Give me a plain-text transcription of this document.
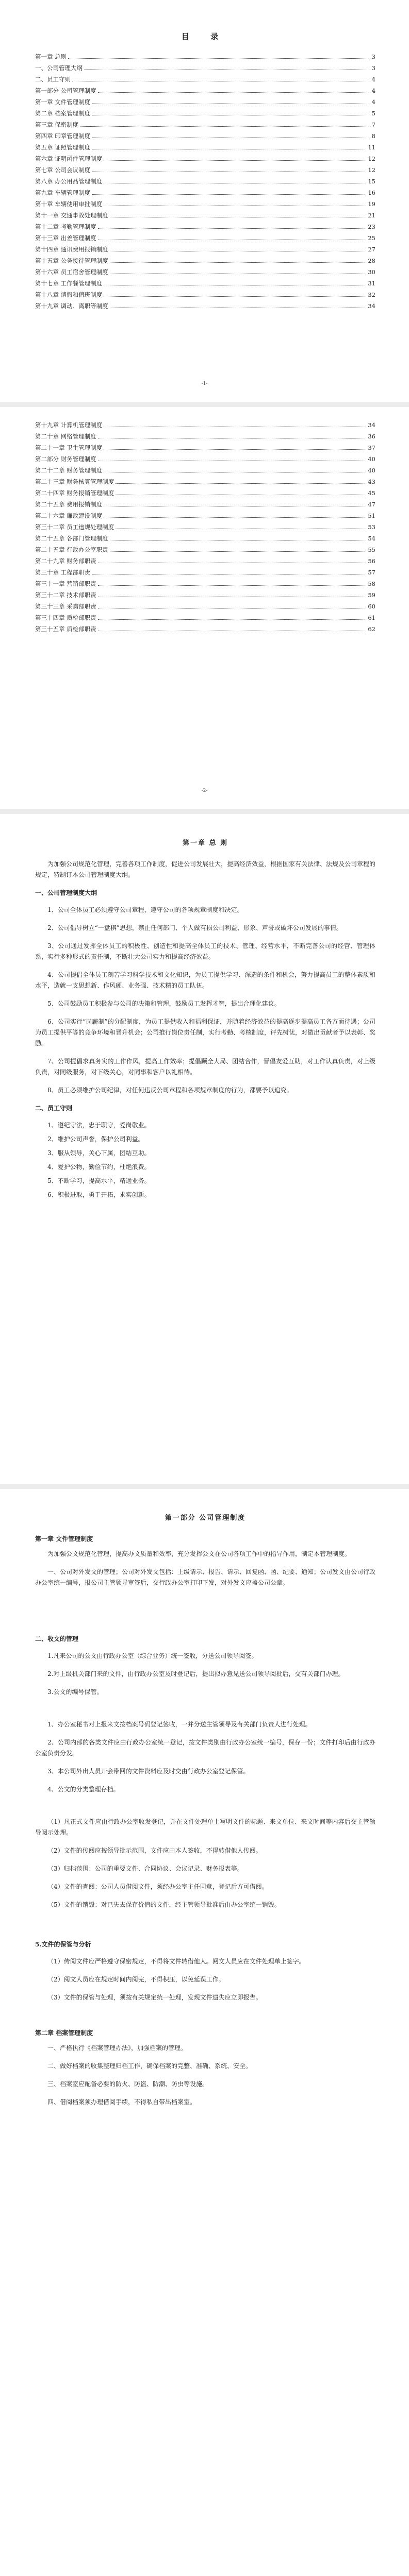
目 录
第一章 总则	3
一、公司管理大纲	3
二、员工守则	4
第一部分 公司管理制度	4
第一章 文件管理制度	4
第二章 档案管理制度	5
第三章 保密制度	7
第四章 印章管理制度	8
第五章 证照管理制度	11
第六章 证明函件管理制度	12
第七章 公司会议制度	12
第八章 办公用品管理制度	15
第九章 车辆管理制度	16
第十章 车辆使用审批制度	19
第十一章 交通事故处理制度	21
第十二章 考勤管理制度	23
第十三章 出差管理制度	25
第十四章 通讯费用报销制度	27
第十五章 公务接待管理制度	28
第十六章 员工宿舍管理制度	30
第十七章 工作餐管理制度	31
第十八章 请假和值班制度	32
第十九章 调动、离职等制度	34
-1-
第十九章 计算机管理制度	34
第二十章 网络管理制度	36
第二十一章 卫生管理制度	37
第二部分 财务管理制度	40
第二十二章 财务管理制度	40
第二十三章 财务核算管理制度	43
第二十四章 财务报销管理制度	45
第二十五章 费用报销制度	47
第二十六章 廉政建设制度	51
第三十二章 员工违规处理制度	53
第二十五章 各部门管理制度	54
第二十五章 行政办公室职责	55
第二十九章 财务部职责	56
第三十章 工程部职责	57
第三十一章 营销部职责	58
第三十二章 技术部职责	59
第三十三章 采购部职责	60
第三十四章 质检部职责	61
第三十五章 质检部职责	62
-2-

第一章 总 则

为加强公司规范化管理，完善各项工作制度，促进公司发展壮大，提高经济效益，根据国家有关法律、法规及公司章程的规定，特制订本公司管理制度大纲。

一、公司管理制度大纲

1、公司全体员工必须遵守公司章程，遵守公司的各项规章制度和决定。

2、公司倡导树立“一盘棋”思想，禁止任何部门、个人做有损公司利益、形象、声誉或破坏公司发展的事情。

3、公司通过发挥全体员工的积极性、创造性和提高全体员工的技术、管理、经营水平，不断完善公司的经营、管理体系，实行多种形式的责任制，不断壮大公司实力和提高经济效益。

4、公司提倡全体员工刻苦学习科学技术和文化知识，为员工提供学习、深造的条件和机会，努力提高员工的整体素质和水平，造就一支思想新、作风硬、业务强、技术精的员工队伍。

5、公司鼓励员工积极参与公司的决策和管理，鼓励员工发挥才智，提出合理化建议。

6、公司实行“岗薪制”的分配制度，为员工提供收入和福利保证，并随着经济效益的提高逐步提高员工各方面待遇；公司为员工提供平等的竞争环境和晋升机会；公司推行岗位责任制，实行考勤、考核制度，评先树优，对做出贡献者予以表彰、奖励。

7、公司提倡求真务实的工作作风，提高工作效率；提倡顾全大局、团结合作，晋倡友爱互助，对工作认真负责，对上级负责，对同级服务，对下级关心，对同事和客户以礼相待。

8、员工必须维护公司纪律，对任何违反公司章程和各项规章制度的行为，都要予以追究。

二、员工守则

1、遵纪守法，忠于职守，爱岗敬业。

2、维护公司声誉，保护公司利益。

3、服从领导，关心下属，团结互助。

4、爱护公物，勤俭节约，杜绝浪费。

5、不断学习，提高水平，精通业务。

6、积极进取，勇于开拓，求实创新。

第一部分 公司管理制度

第一章 文件管理制度

为加强公文规范化管理，提高办文质量和效率，充分发挥公文在公司各项工作中的指导作用，制定本管理制度。

一、公司对外发文的管理；公司对外发文包括：上级请示、报告、请示、回复函、函、纪要、通知；公司发文由公司行政办公室统一编号，报公司主管领导审签后，交行政办公室打印下发，对外发文应盖公司公章。

二、收文的管理

1.凡来公司的公文由行政办公室（综合业务）统一签收，分送公司领导阅签。

2.对上级机关部门来的文件，由行政办公室及时登记后，提出拟办意见送公司领导阅批后，交有关部门办理。

3.公文的编号保管。

1、办公室秘书对上报来文按档案号码登记签收，一并分送主管领导及有关部门负责人进行处理。

2、公司内部的各类文件应由行政办公室统一登记，按文件类别由行政办公室统一编号，保存一份；文件打印后由行政办公室负责分发。

3、本公司外出人员开会带回的文件资料应及时交由行政办公室登记保管。

4、公文的分类整理存档。

（1）凡正式文件应由行政办公室收发登记，并在文件处理单上写明文件的标题、来文单位、来文时间等内容后交主管领导阅示处理。

（2）文件的传阅应按领导批示范围，文件应由本人签收，不得转借他人传阅。

（3）归档范围：公司的重要文件、合同协议、会议记录、财务报表等。

（4）文件的查阅：公司人员借阅文件，须经办公室主任同意，登记后方可借阅。

（5）文件的销毁：对已失去保存价值的文件，经主管领导批准后由办公室统一销毁。

5.文件的保管与分析

（1）传阅文件应严格遵守保密规定，不得将文件转借他人。阅文人员应在文件处理单上签字。

（2）阅文人员应在规定时间内阅完，不得积压，以免延误工作。

（3）文件的保管与处理，须按有关规定统一处理，发现文件遗失应立即报告。

第二章 档案管理制度

一、严格执行《档案管理办法》，加强档案的管理。

二、做好档案的收集整理归档工作，确保档案的完整、准确、系统、安全。

三、档案室应配备必要的防火、防盗、防潮、防虫等设施。

四、借阅档案须办理借阅手续，不得私自带出档案室。
